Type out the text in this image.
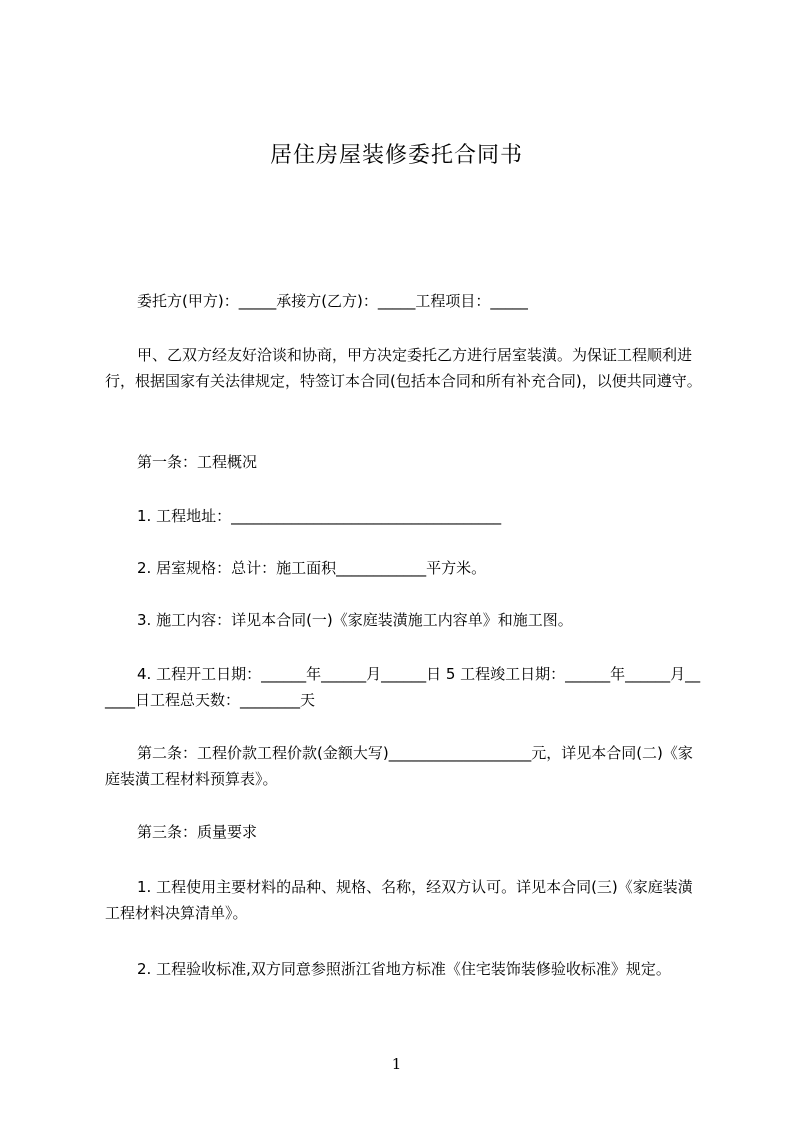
居住房屋装修委托合同书
委托方(甲方)：_____承接方(乙方)：_____工程项目：_____
甲、乙双方经友好洽谈和协商，甲方决定委托乙方进行居室装潢。为保证工程顺利进行，根据国家有关法律规定，特签订本合同(包括本合同和所有补充合同)，以便共同遵守。
第一条：工程概况
1. 工程地址：____________________________________
2. 居室规格：总计：施工面积____________平方米。
3. 施工内容：详见本合同(一)《家庭装潢施工内容单》和施工图。
4. 工程开工日期：______年______月______日 5 工程竣工日期：______年______月______日工程总天数：________天
第二条：工程价款工程价款(金额大写)___________________元，详见本合同(二)《家庭装潢工程材料预算表》。
第三条：质量要求
1. 工程使用主要材料的品种、规格、名称，经双方认可。详见本合同(三)《家庭装潢工程材料决算清单》。
2. 工程验收标准,双方同意参照浙江省地方标准《住宅装饰装修验收标准》规定。
1
